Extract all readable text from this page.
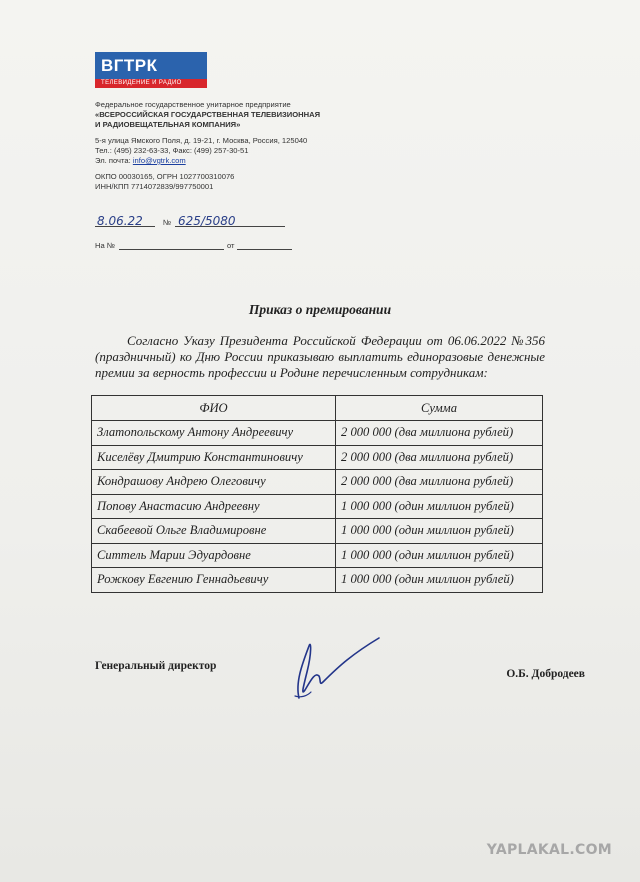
ВГТРК
ТЕЛЕВИДЕНИЕ И РАДИО
Федеральное государственное унитарное предприятие
«ВСЕРОССИЙСКАЯ ГОСУДАРСТВЕННАЯ ТЕЛЕВИЗИОННАЯ
И РАДИОВЕЩАТЕЛЬНАЯ КОМПАНИЯ»
5-я улица Ямского Поля, д. 19-21, г. Москва, Россия, 125040
Тел.: (495) 232-63-33, Факс: (499) 257-30-51
Эл. почта: info@vgtrk.com
ОКПО 00030165, ОГРН 1027700310076
ИНН/КПП 7714072839/997750001
8.06.22	№ 625/5080
На №	от
Приказ о премировании
Согласно Указу Президента Российской Федерации от 06.06.2022 №356 (праздничный) ко Дню России приказываю выплатить единоразовые денежные премии за верность профессии и Родине перечисленным сотрудникам:
ФИО	Сумма
Златопольскому Антону Андреевичу	2 000 000 (два миллиона рублей)
Киселёву Дмитрию Константиновичу	2 000 000 (два миллиона рублей)
Кондрашову Андрею Олеговичу	2 000 000 (два миллиона рублей)
Попову Анастасию Андреевну	1 000 000 (один миллион рублей)
Скабеевой Ольге Владимировне	1 000 000 (один миллион рублей)
Ситтель Марии Эдуардовне	1 000 000 (один миллион рублей)
Рожкову Евгению Геннадьевичу	1 000 000 (один миллион рублей)
Генеральный директор
О.Б. Добродеев
YAPLAKAL.COM
